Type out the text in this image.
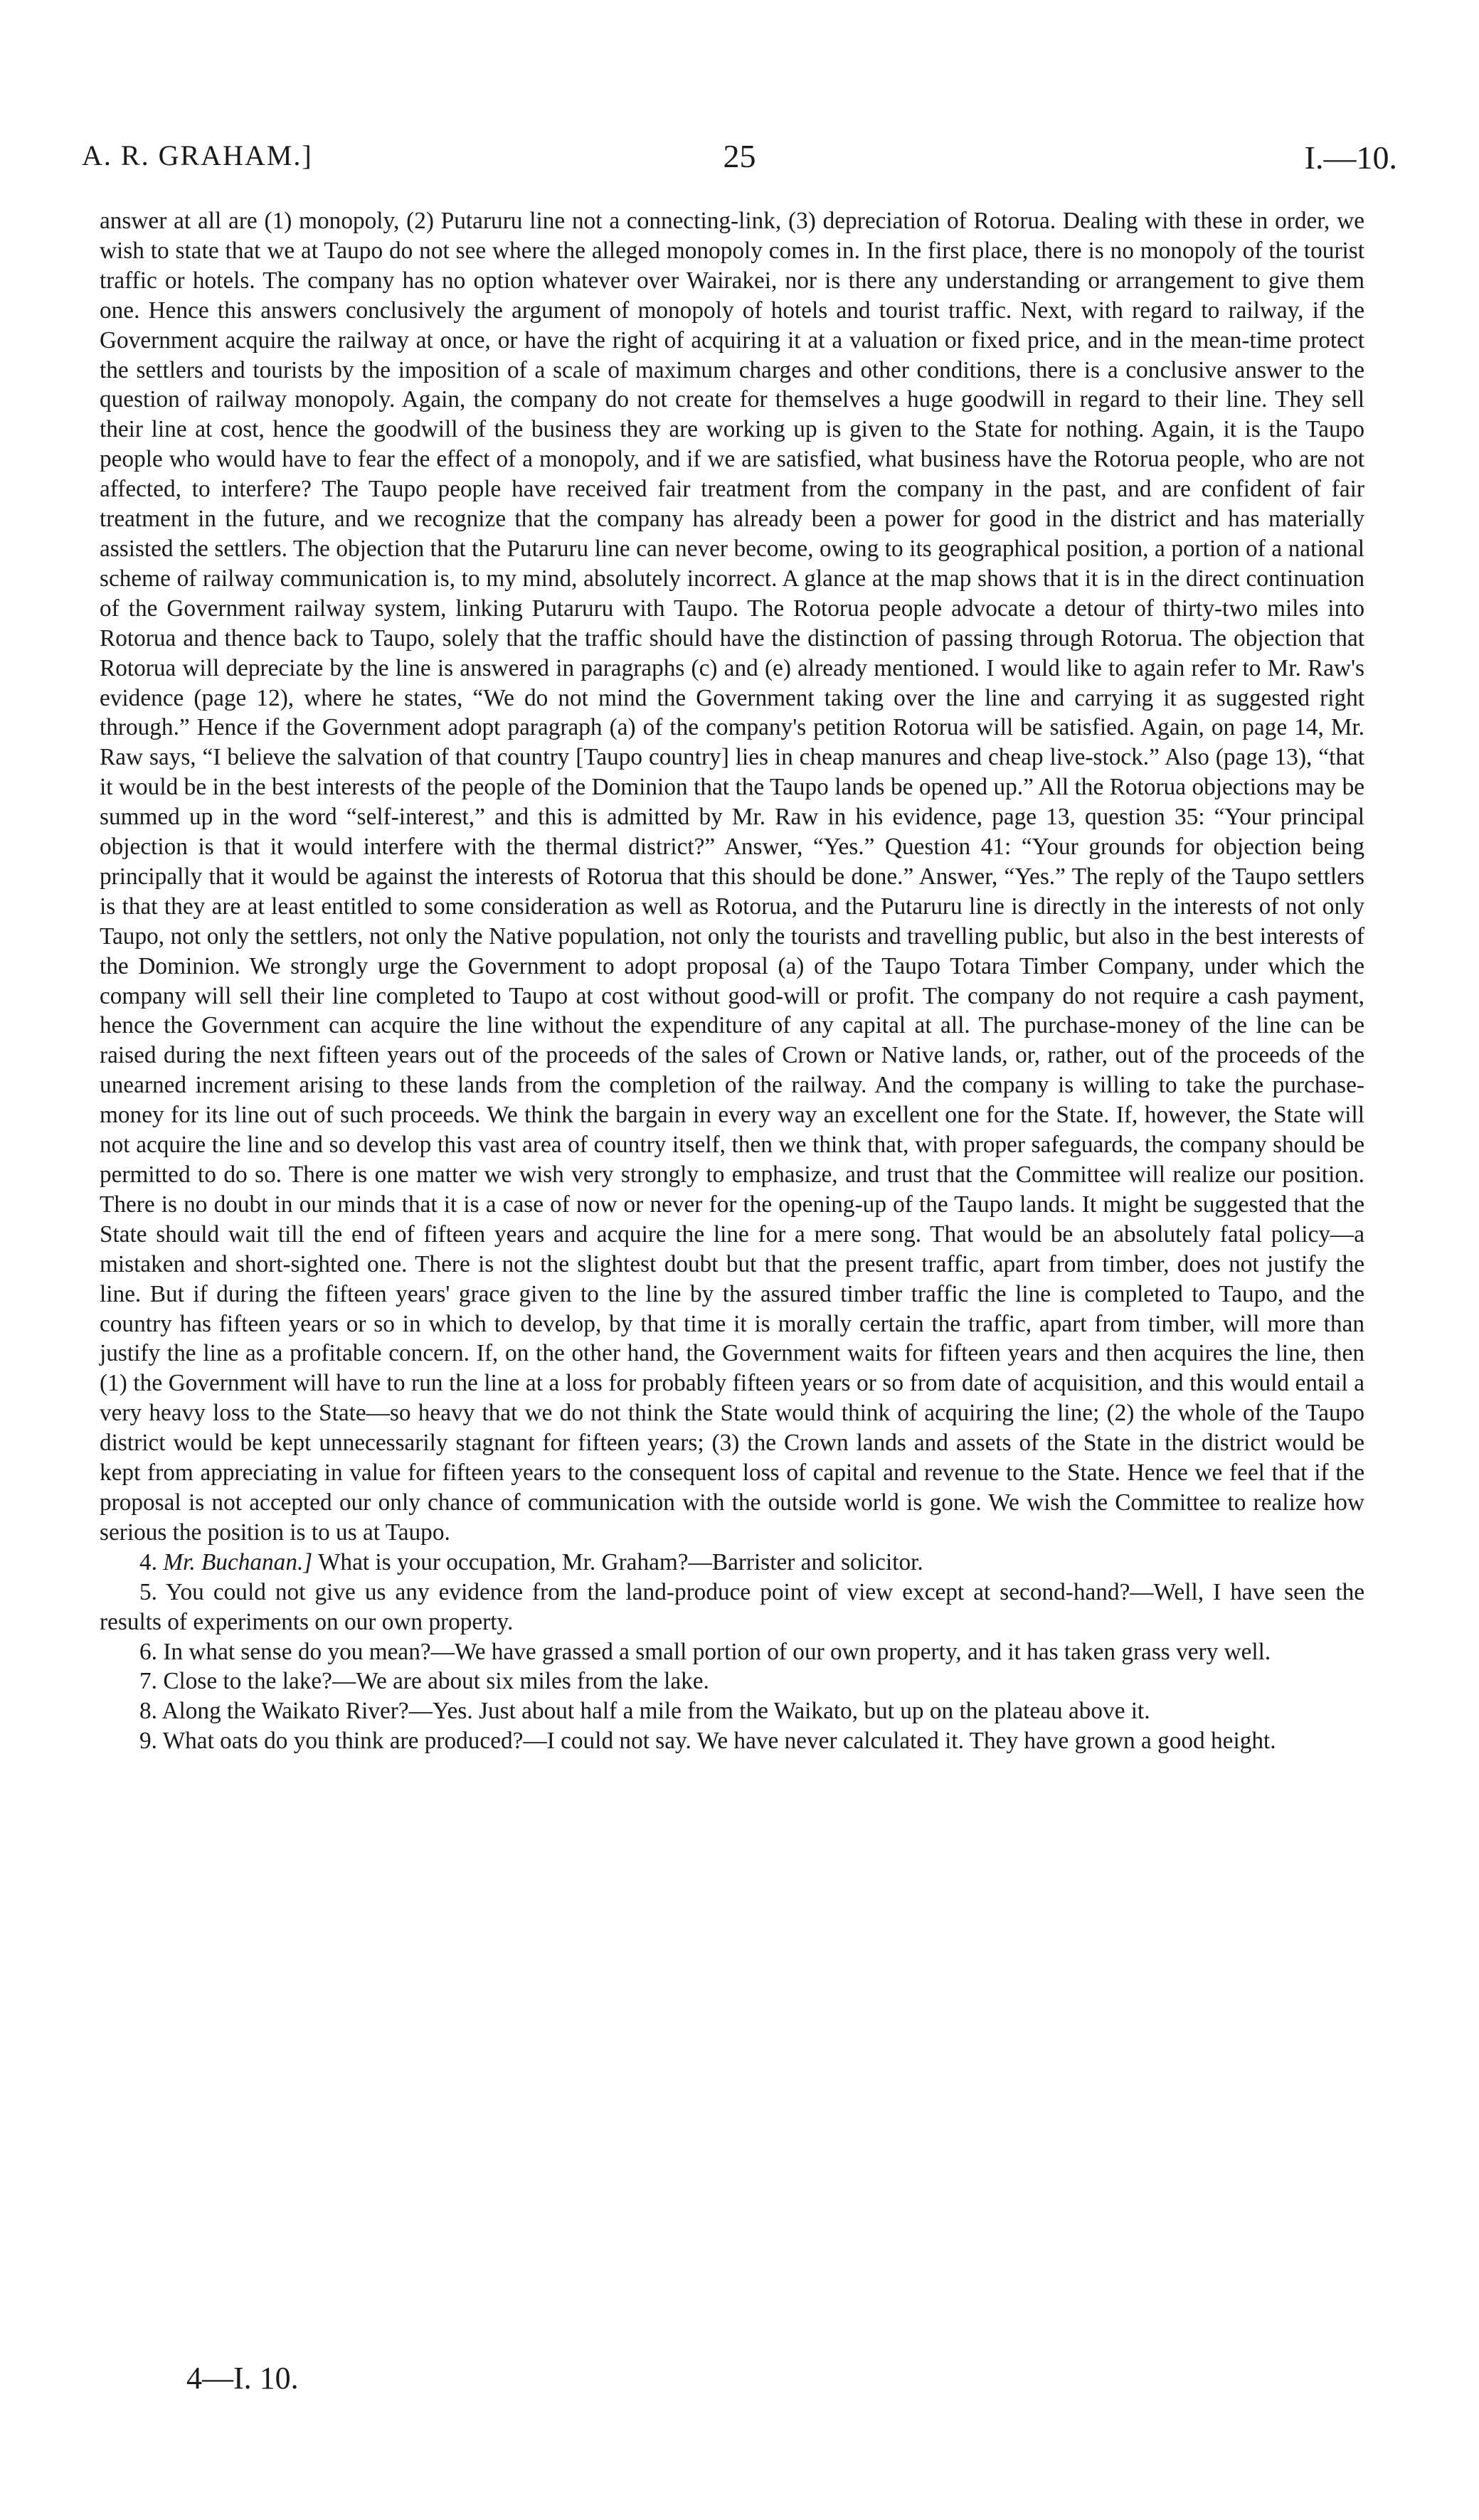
A. R. GRAHAM.]	25	I.—10.

answer at all are (1) monopoly, (2) Putaruru line not a connecting-link, (3) depreciation of Rotorua. Dealing with these in order, we wish to state that we at Taupo do not see where the alleged monopoly comes in. In the first place, there is no monopoly of the tourist traffic or hotels. The company has no option whatever over Wairakei, nor is there any understanding or arrangement to give them one. Hence this answers conclusively the argument of monopoly of hotels and tourist traffic. Next, with regard to railway, if the Government acquire the railway at once, or have the right of acquiring it at a valuation or fixed price, and in the mean-time protect the settlers and tourists by the imposition of a scale of maximum charges and other conditions, there is a conclusive answer to the question of railway monopoly. Again, the company do not create for themselves a huge goodwill in regard to their line. They sell their line at cost, hence the goodwill of the business they are working up is given to the State for nothing. Again, it is the Taupo people who would have to fear the effect of a monopoly, and if we are satisfied, what business have the Rotorua people, who are not affected, to interfere? The Taupo people have received fair treatment from the company in the past, and are confident of fair treatment in the future, and we recognize that the company has already been a power for good in the district and has materially assisted the settlers. The objection that the Putaruru line can never become, owing to its geographical position, a portion of a national scheme of railway communication is, to my mind, absolutely incorrect. A glance at the map shows that it is in the direct continuation of the Government railway system, linking Putaruru with Taupo. The Rotorua people advocate a detour of thirty-two miles into Rotorua and thence back to Taupo, solely that the traffic should have the distinction of passing through Rotorua. The objection that Rotorua will depreciate by the line is answered in paragraphs (c) and (e) already mentioned. I would like to again refer to Mr. Raw's evidence (page 12), where he states, “We do not mind the Government taking over the line and carrying it as suggested right through.” Hence if the Government adopt paragraph (a) of the company's petition Rotorua will be satisfied. Again, on page 14, Mr. Raw says, “I believe the salvation of that country [Taupo country] lies in cheap manures and cheap live-stock.” Also (page 13), “that it would be in the best interests of the people of the Dominion that the Taupo lands be opened up.” All the Rotorua objections may be summed up in the word “self-interest,” and this is admitted by Mr. Raw in his evidence, page 13, question 35: “Your principal objection is that it would interfere with the thermal district?” Answer, “Yes.” Question 41: “Your grounds for objection being principally that it would be against the interests of Rotorua that this should be done.” Answer, “Yes.” The reply of the Taupo settlers is that they are at least entitled to some consideration as well as Rotorua, and the Putaruru line is directly in the interests of not only Taupo, not only the settlers, not only the Native population, not only the tourists and travelling public, but also in the best interests of the Dominion. We strongly urge the Government to adopt proposal (a) of the Taupo Totara Timber Company, under which the company will sell their line completed to Taupo at cost without good-will or profit. The company do not require a cash payment, hence the Government can acquire the line without the expenditure of any capital at all. The purchase-money of the line can be raised during the next fifteen years out of the proceeds of the sales of Crown or Native lands, or, rather, out of the proceeds of the unearned increment arising to these lands from the completion of the railway. And the company is willing to take the purchase-money for its line out of such proceeds. We think the bargain in every way an excellent one for the State. If, however, the State will not acquire the line and so develop this vast area of country itself, then we think that, with proper safeguards, the company should be permitted to do so. There is one matter we wish very strongly to emphasize, and trust that the Committee will realize our position. There is no doubt in our minds that it is a case of now or never for the opening-up of the Taupo lands. It might be suggested that the State should wait till the end of fifteen years and acquire the line for a mere song. That would be an absolutely fatal policy—a mistaken and short-sighted one. There is not the slightest doubt but that the present traffic, apart from timber, does not justify the line. But if during the fifteen years' grace given to the line by the assured timber traffic the line is completed to Taupo, and the country has fifteen years or so in which to develop, by that time it is morally certain the traffic, apart from timber, will more than justify the line as a profitable concern. If, on the other hand, the Government waits for fifteen years and then acquires the line, then (1) the Government will have to run the line at a loss for probably fifteen years or so from date of acquisition, and this would entail a very heavy loss to the State—so heavy that we do not think the State would think of acquiring the line; (2) the whole of the Taupo district would be kept unnecessarily stagnant for fifteen years; (3) the Crown lands and assets of the State in the district would be kept from appreciating in value for fifteen years to the consequent loss of capital and revenue to the State. Hence we feel that if the proposal is not accepted our only chance of communication with the outside world is gone. We wish the Committee to realize how serious the position is to us at Taupo.

4. Mr. Buchanan.] What is your occupation, Mr. Graham?—Barrister and solicitor.

5. You could not give us any evidence from the land-produce point of view except at second-hand?—Well, I have seen the results of experiments on our own property.

6. In what sense do you mean?—We have grassed a small portion of our own property, and it has taken grass very well.

7. Close to the lake?—We are about six miles from the lake.

8. Along the Waikato River?—Yes. Just about half a mile from the Waikato, but up on the plateau above it.

9. What oats do you think are produced?—I could not say. We have never calculated it. They have grown a good height.

4—I. 10.
